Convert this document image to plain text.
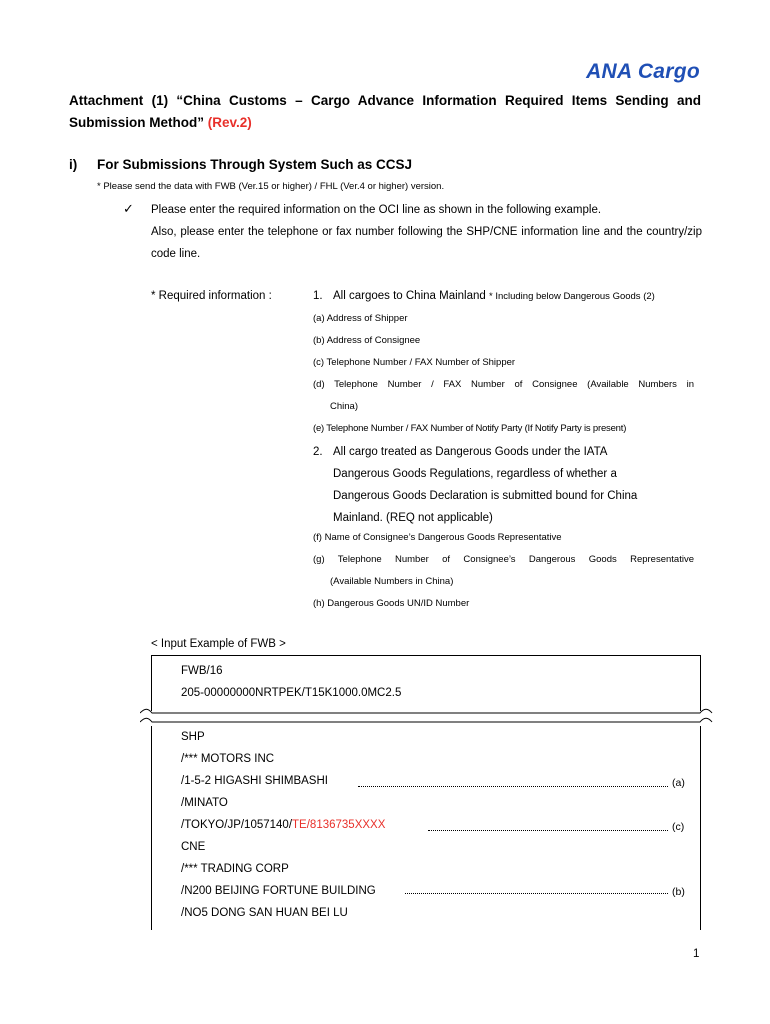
ANA Cargo
Attachment (1) “China Customs – Cargo Advance Information Required Items Sending and Submission Method” (Rev.2)
i) For Submissions Through System Such as CCSJ
* Please send the data with FWB (Ver.15 or higher) / FHL (Ver.4 or higher) version.
✓ Please enter the required information on the OCI line as shown in the following example.
Also, please enter the telephone or fax number following the SHP/CNE information line and the country/zip code line.
* Required information :	1. All cargoes to China Mainland * Including below Dangerous Goods (2)
(a) Address of Shipper
(b) Address of Consignee
(c) Telephone Number / FAX Number of Shipper
(d) Telephone Number / FAX Number of Consignee (Available Numbers in
China)
(e) Telephone Number / FAX Number of Notify Party (If Notify Party is present)
2. All cargo treated as Dangerous Goods under the IATA
Dangerous Goods Regulations, regardless of whether a
Dangerous Goods Declaration is submitted bound for China
Mainland. (REQ not applicable)
(f) Name of Consignee’s Dangerous Goods Representative
(g) Telephone Number of Consignee’s Dangerous Goods Representative
(Available Numbers in China)
(h) Dangerous Goods UN/ID Number
< Input Example of FWB >
FWB/16
205-00000000NRTPEK/T15K1000.0MC2.5
SHP
/*** MOTORS INC
/1-5-2 HIGASHI SHIMBASHI	(a)
/MINATO
/TOKYO/JP/1057140/TE/8136735XXXX	(c)
CNE
/*** TRADING CORP
/N200 BEIJING FORTUNE BUILDING	(b)
/NO5 DONG SAN HUAN BEI LU
1
